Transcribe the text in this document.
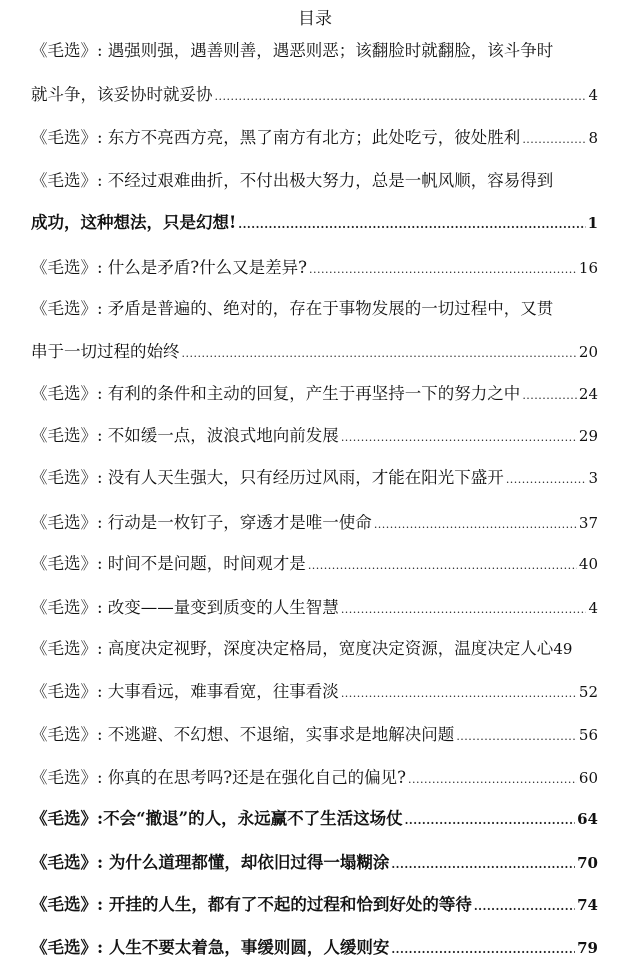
目录
《毛选》: 遇强则强，遇善则善，遇恶则恶；该翻脸时就翻脸，该斗争时
就斗争，该妥协时就妥协 .....	4
《毛选》: 东方不亮西方亮，黑了南方有北方；此处吃亏，彼处胜利 .....	8
《毛选》: 不经过艰难曲折，不付出极大努力，总是一帆风顺，容易得到
成功，这种想法，只是幻想! .....	1
《毛选》: 什么是矛盾?什么又是差异? .....	16
《毛选》: 矛盾是普遍的、绝对的，存在于事物发展的一切过程中，又贯
串于一切过程的始终 .....	20
《毛选》: 有利的条件和主动的回复，产生于再坚持一下的努力之中 .....	24
《毛选》: 不如缓一点，波浪式地向前发展 .....	29
《毛选》: 没有人天生强大，只有经历过风雨，才能在阳光下盛开 .....	3
《毛选》: 行动是一枚钉子，穿透才是唯一使命 .....	37
《毛选》: 时间不是问题，时间观才是 .....	40
《毛选》: 改变——量变到质变的人生智慧 .....	4
《毛选》: 高度决定视野，深度决定格局，宽度决定资源，温度决定人心 49
《毛选》: 大事看远，难事看宽，往事看淡 .....	52
《毛选》: 不逃避、不幻想、不退缩，实事求是地解决问题 .....	56
《毛选》: 你真的在思考吗?还是在强化自己的偏见? .....	60
《毛选》:不会“撤退”的人，永远赢不了生活这场仗 .....	64
《毛选》: 为什么道理都懂，却依旧过得一塌糊涂 .....	70
《毛选》: 开挂的人生，都有了不起的过程和恰到好处的等待 .....	74
《毛选》: 人生不要太着急，事缓则圆，人缓则安 .....	79
